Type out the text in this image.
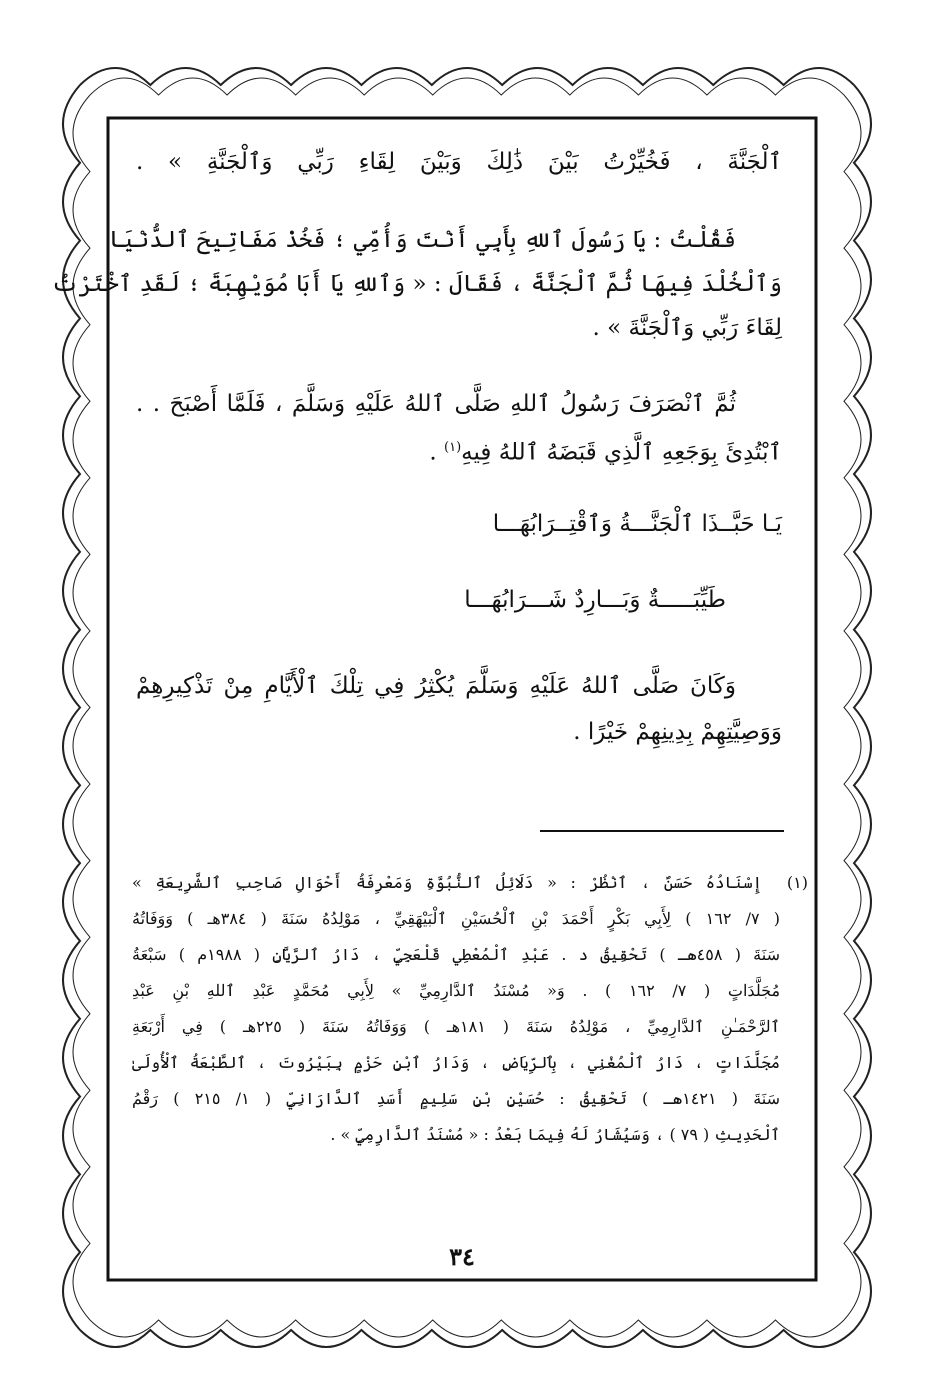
ٱلْجَنَّةَ ، فَخُيِّرْتُ بَيْنَ ذَٰلِكَ وَبَيْنَ لِقَاءِ رَبِّي وَٱلْجَنَّةِ » .
فَقُلْتُ : يَا رَسُولَ ٱللهِ بِأَبِي أَنْتَ وَأُمِّي ؛ فَخُذْ مَفَاتِيحَ ٱلدُّنْيَا
وَٱلْخُلْدَ فِيهَا ثُمَّ ٱلْجَنَّةَ ، فَقَالَ : « وَٱللهِ يَا أَبَا مُوَيْهِبَةَ ؛ لَقَدِ ٱخْتَرْتُ
لِقَاءَ رَبِّي وَٱلْجَنَّةَ » .
ثُمَّ ٱنْصَرَفَ رَسُولُ ٱللهِ صَلَّى ٱللهُ عَلَيْهِ وَسَلَّمَ ، فَلَمَّا أَصْبَحَ . .
ٱبْتُدِئَ بِوَجَعِهِ ٱلَّذِي قَبَضَهُ ٱللهُ فِيهِ$^{(١)}$ .
يَـا حَبَّــذَا ٱلْجَنَّـــةُ وَٱقْتِــرَابُهَـــا
طَيِّبَـــــةٌ وَبَـــارِدٌ شَـــرَابُهَـــا
وَكَانَ صَلَّى ٱللهُ عَلَيْهِ وَسَلَّمَ يُكْثِرُ فِي تِلْكَ ٱلْأَيَّامِ مِنْ تَذْكِيرِهِمْ
وَوَصِيَّتِهِمْ بِدِينِهِمْ خَيْرًا .
(١)
إِسْنَادُهُ حَسَنٌ ، ٱنْظُرْ : « دَلَائِلُ ٱلنُّبُوَّةِ وَمَعْرِفَةُ أَحْوَالِ صَاحِبِ ٱلشَّرِيعَةِ »
( ٧/ ١٦٢ ) لِأَبِي بَكْرٍ أَحْمَدَ بْنِ ٱلْحُسَيْنِ ٱلْبَيْهَقِيِّ ، مَوْلِدُهُ سَنَةَ ( ٣٨٤هـ ) وَوَفَاتُهُ
سَنَةَ ( ٤٥٨هـ ) تَحْقِيقُ د . عَبْدِ ٱلْمُعْطِي قَلْعَجِيِّ ، دَارُ ٱلرَّيَّانِ ( ١٩٨٨م ) سَبْعَةُ
مُجَلَّدَاتٍ ( ٧/ ١٦٢ ) . وَ« مُسْنَدُ ٱلدَّارِمِيِّ » لِأَبِي مُحَمَّدٍ عَبْدِ ٱللهِ بْنِ عَبْدِ
ٱلرَّحْمَـٰنِ ٱلدَّارِمِيِّ ، مَوْلِدُهُ سَنَةَ ( ١٨١هـ ) وَوَفَاتُهُ سَنَةَ ( ٢٢٥هـ ) فِي أَرْبَعَةِ
مُجَلَّدَاتٍ ، دَارُ ٱلْمُغْنِي ، بِٱلرِّيَاضِ ، وَدَارُ ٱبْنِ حَزْمٍ بِبَيْرُوتَ ، ٱلطَّبْعَةُ ٱلْأُولَىٰ
سَنَةَ ( ١٤٢١هـ ) تَحْقِيقُ : حُسَيْنِ بْنِ سَلِيمٍ أَسَدِ ٱلدَّارَانِيِّ ( ١/ ٢١٥ ) رَقْمُ
ٱلْحَدِيثِ ( ٧٩ ) ، وَسَيُشَارُ لَهُ فِيمَا بَعْدُ : « مُسْنَدُ ٱلدَّارِمِيِّ » .
٣٤
